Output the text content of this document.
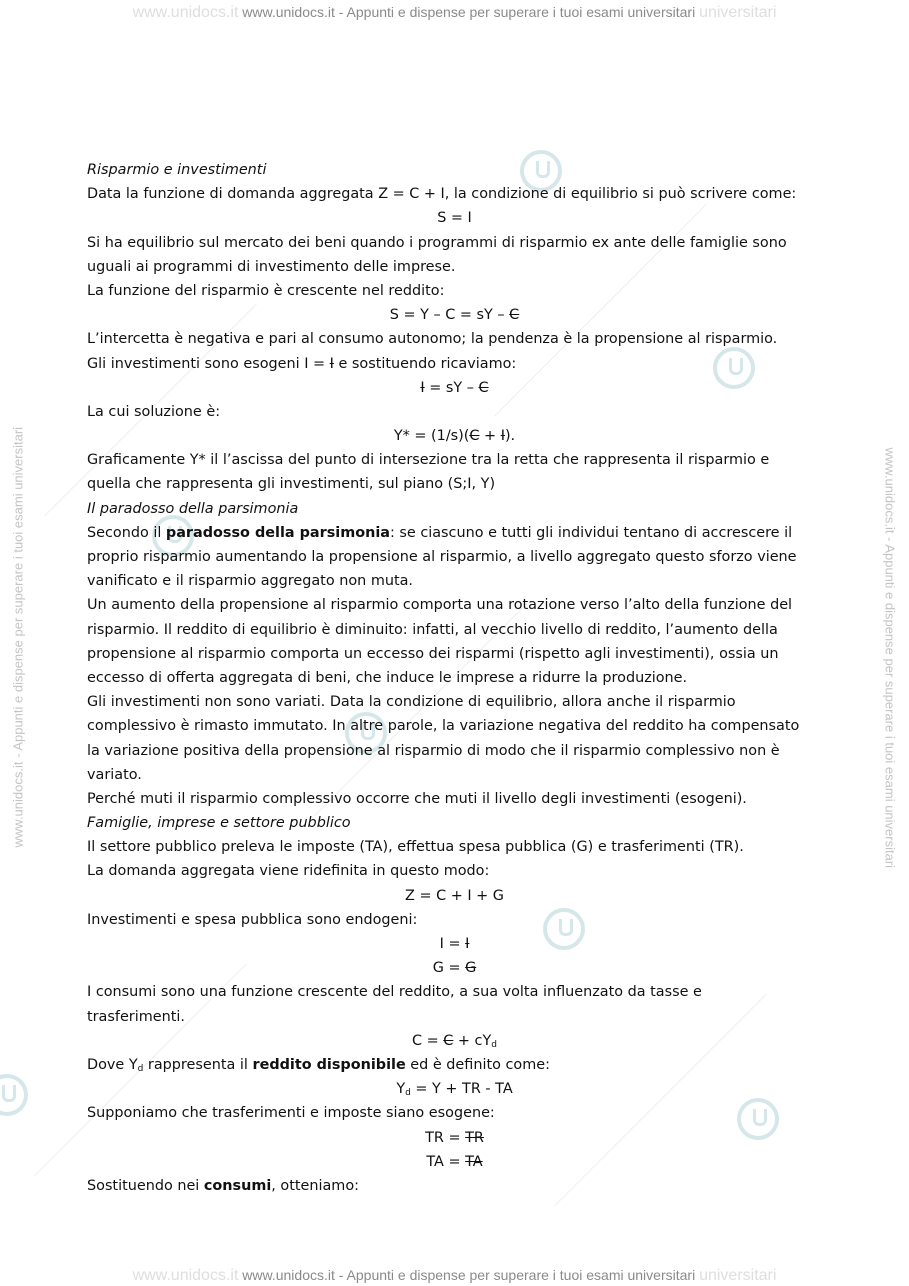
www.unidocs.it www.unidocs.it - Appunti e dispense per superare i tuoi esami universitari universitari
www.unidocs.it www.unidocs.it - Appunti e dispense per superare i tuoi esami universitari universitari
www.unidocs.it - Appunti e dispense per superare i tuoi esami universitari	www.unidocs.it - Appunti e dispense per superare i tuoi esami universitari
Risparmio e investimenti
Data la funzione di domanda aggregata Z = C + I, la condizione di equilibrio si può scrivere come:
S = I
Si ha equilibrio sul mercato dei beni quando i programmi di risparmio ex ante delle famiglie sono
uguali ai programmi di investimento delle imprese.
La funzione del risparmio è crescente nel reddito:
S = Y – C = sY – C
L’intercetta è negativa e pari al consumo autonomo; la pendenza è la propensione al risparmio.
Gli investimenti sono esogeni I = I e sostituendo ricaviamo:
I = sY – C
La cui soluzione è:
Y* = (1/s)(C + I).
Graficamente Y* il l’ascissa del punto di intersezione tra la retta che rappresenta il risparmio e
quella che rappresenta gli investimenti, sul piano (S;I, Y)
Il paradosso della parsimonia
Secondo il paradosso della parsimonia: se ciascuno e tutti gli individui tentano di accrescere il
proprio risparmio aumentando la propensione al risparmio, a livello aggregato questo sforzo viene
vanificato e il risparmio aggregato non muta.
Un aumento della propensione al risparmio comporta una rotazione verso l’alto della funzione del
risparmio. Il reddito di equilibrio è diminuito: infatti, al vecchio livello di reddito, l’aumento della
propensione al risparmio comporta un eccesso dei risparmi (rispetto agli investimenti), ossia un
eccesso di offerta aggregata di beni, che induce le imprese a ridurre la produzione.
Gli investimenti non sono variati. Data la condizione di equilibrio, allora anche il risparmio
complessivo è rimasto immutato. In altre parole, la variazione negativa del reddito ha compensato
la variazione positiva della propensione al risparmio di modo che il risparmio complessivo non è
variato.
Perché muti il risparmio complessivo occorre che muti il livello degli investimenti (esogeni).
Famiglie, imprese e settore pubblico
Il settore pubblico preleva le imposte (TA), effettua spesa pubblica (G) e trasferimenti (TR).
La domanda aggregata viene ridefinita in questo modo:
Z = C + I + G
Investimenti e spesa pubblica sono endogeni:
I = I
G = G
I consumi sono una funzione crescente del reddito, a sua volta influenzato da tasse e
trasferimenti.
$C = C + cY_d$
Dove $Y_d$ rappresenta il reddito disponibile ed è definito come:
$Y_d = Y$ + TR - TA
Supponiamo che trasferimenti e imposte siano esogene:
TR = TR
TA = TA
Sostituendo nei consumi, otteniamo:
